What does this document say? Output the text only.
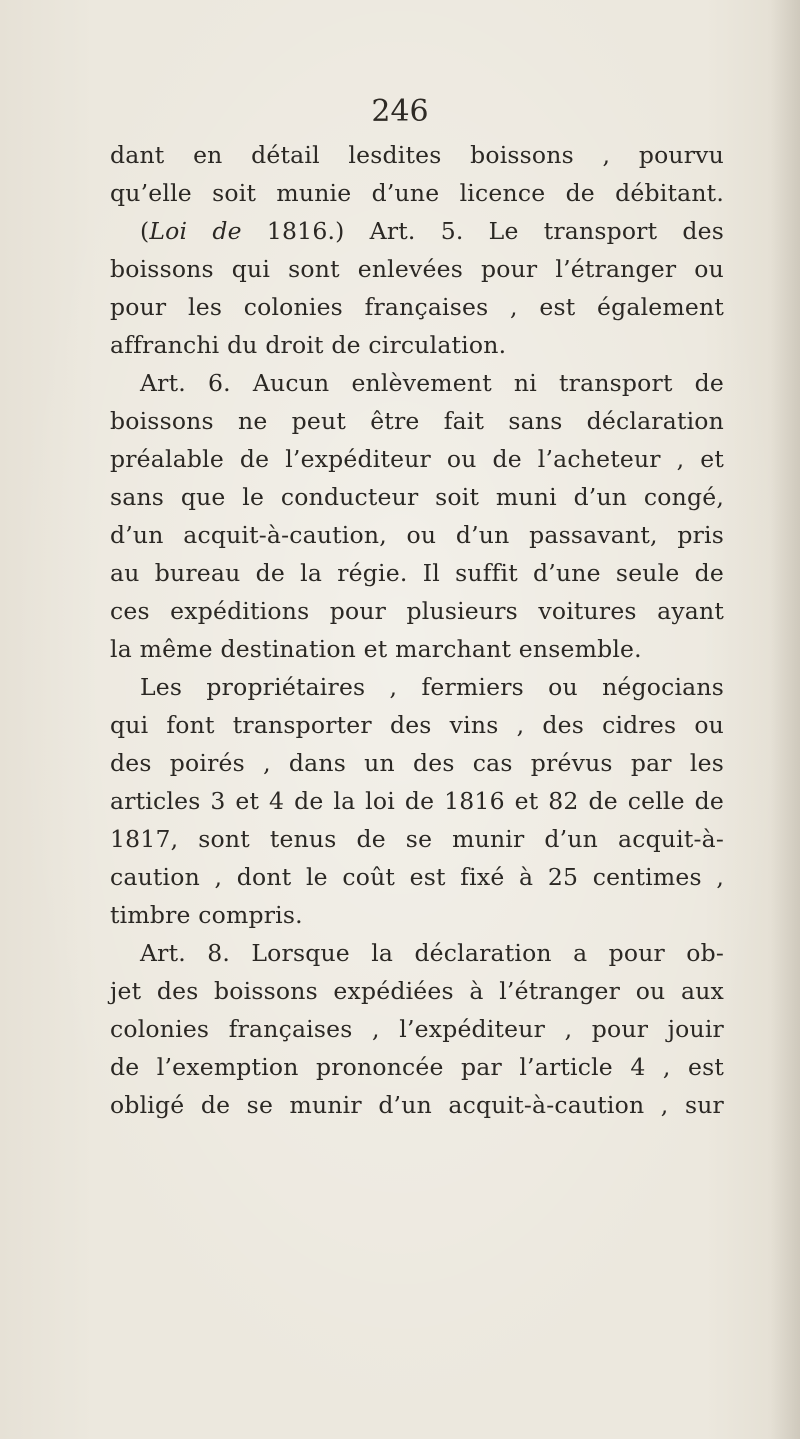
246
dant en détail lesdites boissons , pourvu
qu’elle soit munie d’une licence de débitant.
(Loi de 1816.) Art. 5. Le transport des
boissons qui sont enlevées pour l’étranger ou
pour les colonies françaises , est également
affranchi du droit de circulation.
Art. 6. Aucun enlèvement ni transport de
boissons ne peut être fait sans déclaration
préalable de l’expéditeur ou de l’acheteur , et
sans que le conducteur soit muni d’un congé,
d’un acquit-à-caution, ou d’un passavant, pris
au bureau de la régie. Il suffit d’une seule de
ces expéditions pour plusieurs voitures ayant
la même destination et marchant ensemble.
Les propriétaires , fermiers ou négocians
qui font transporter des vins , des cidres ou
des poirés , dans un des cas prévus par les
articles 3 et 4 de la loi de 1816 et 82 de celle de
1817, sont tenus de se munir d’un acquit-à-
caution , dont le coût est fixé à 25 centimes ,
timbre compris.
Art. 8. Lorsque la déclaration a pour ob-
jet des boissons expédiées à l’étranger ou aux
colonies françaises , l’expéditeur , pour jouir
de l’exemption prononcée par l’article 4 , est
obligé de se munir d’un acquit-à-caution , sur
